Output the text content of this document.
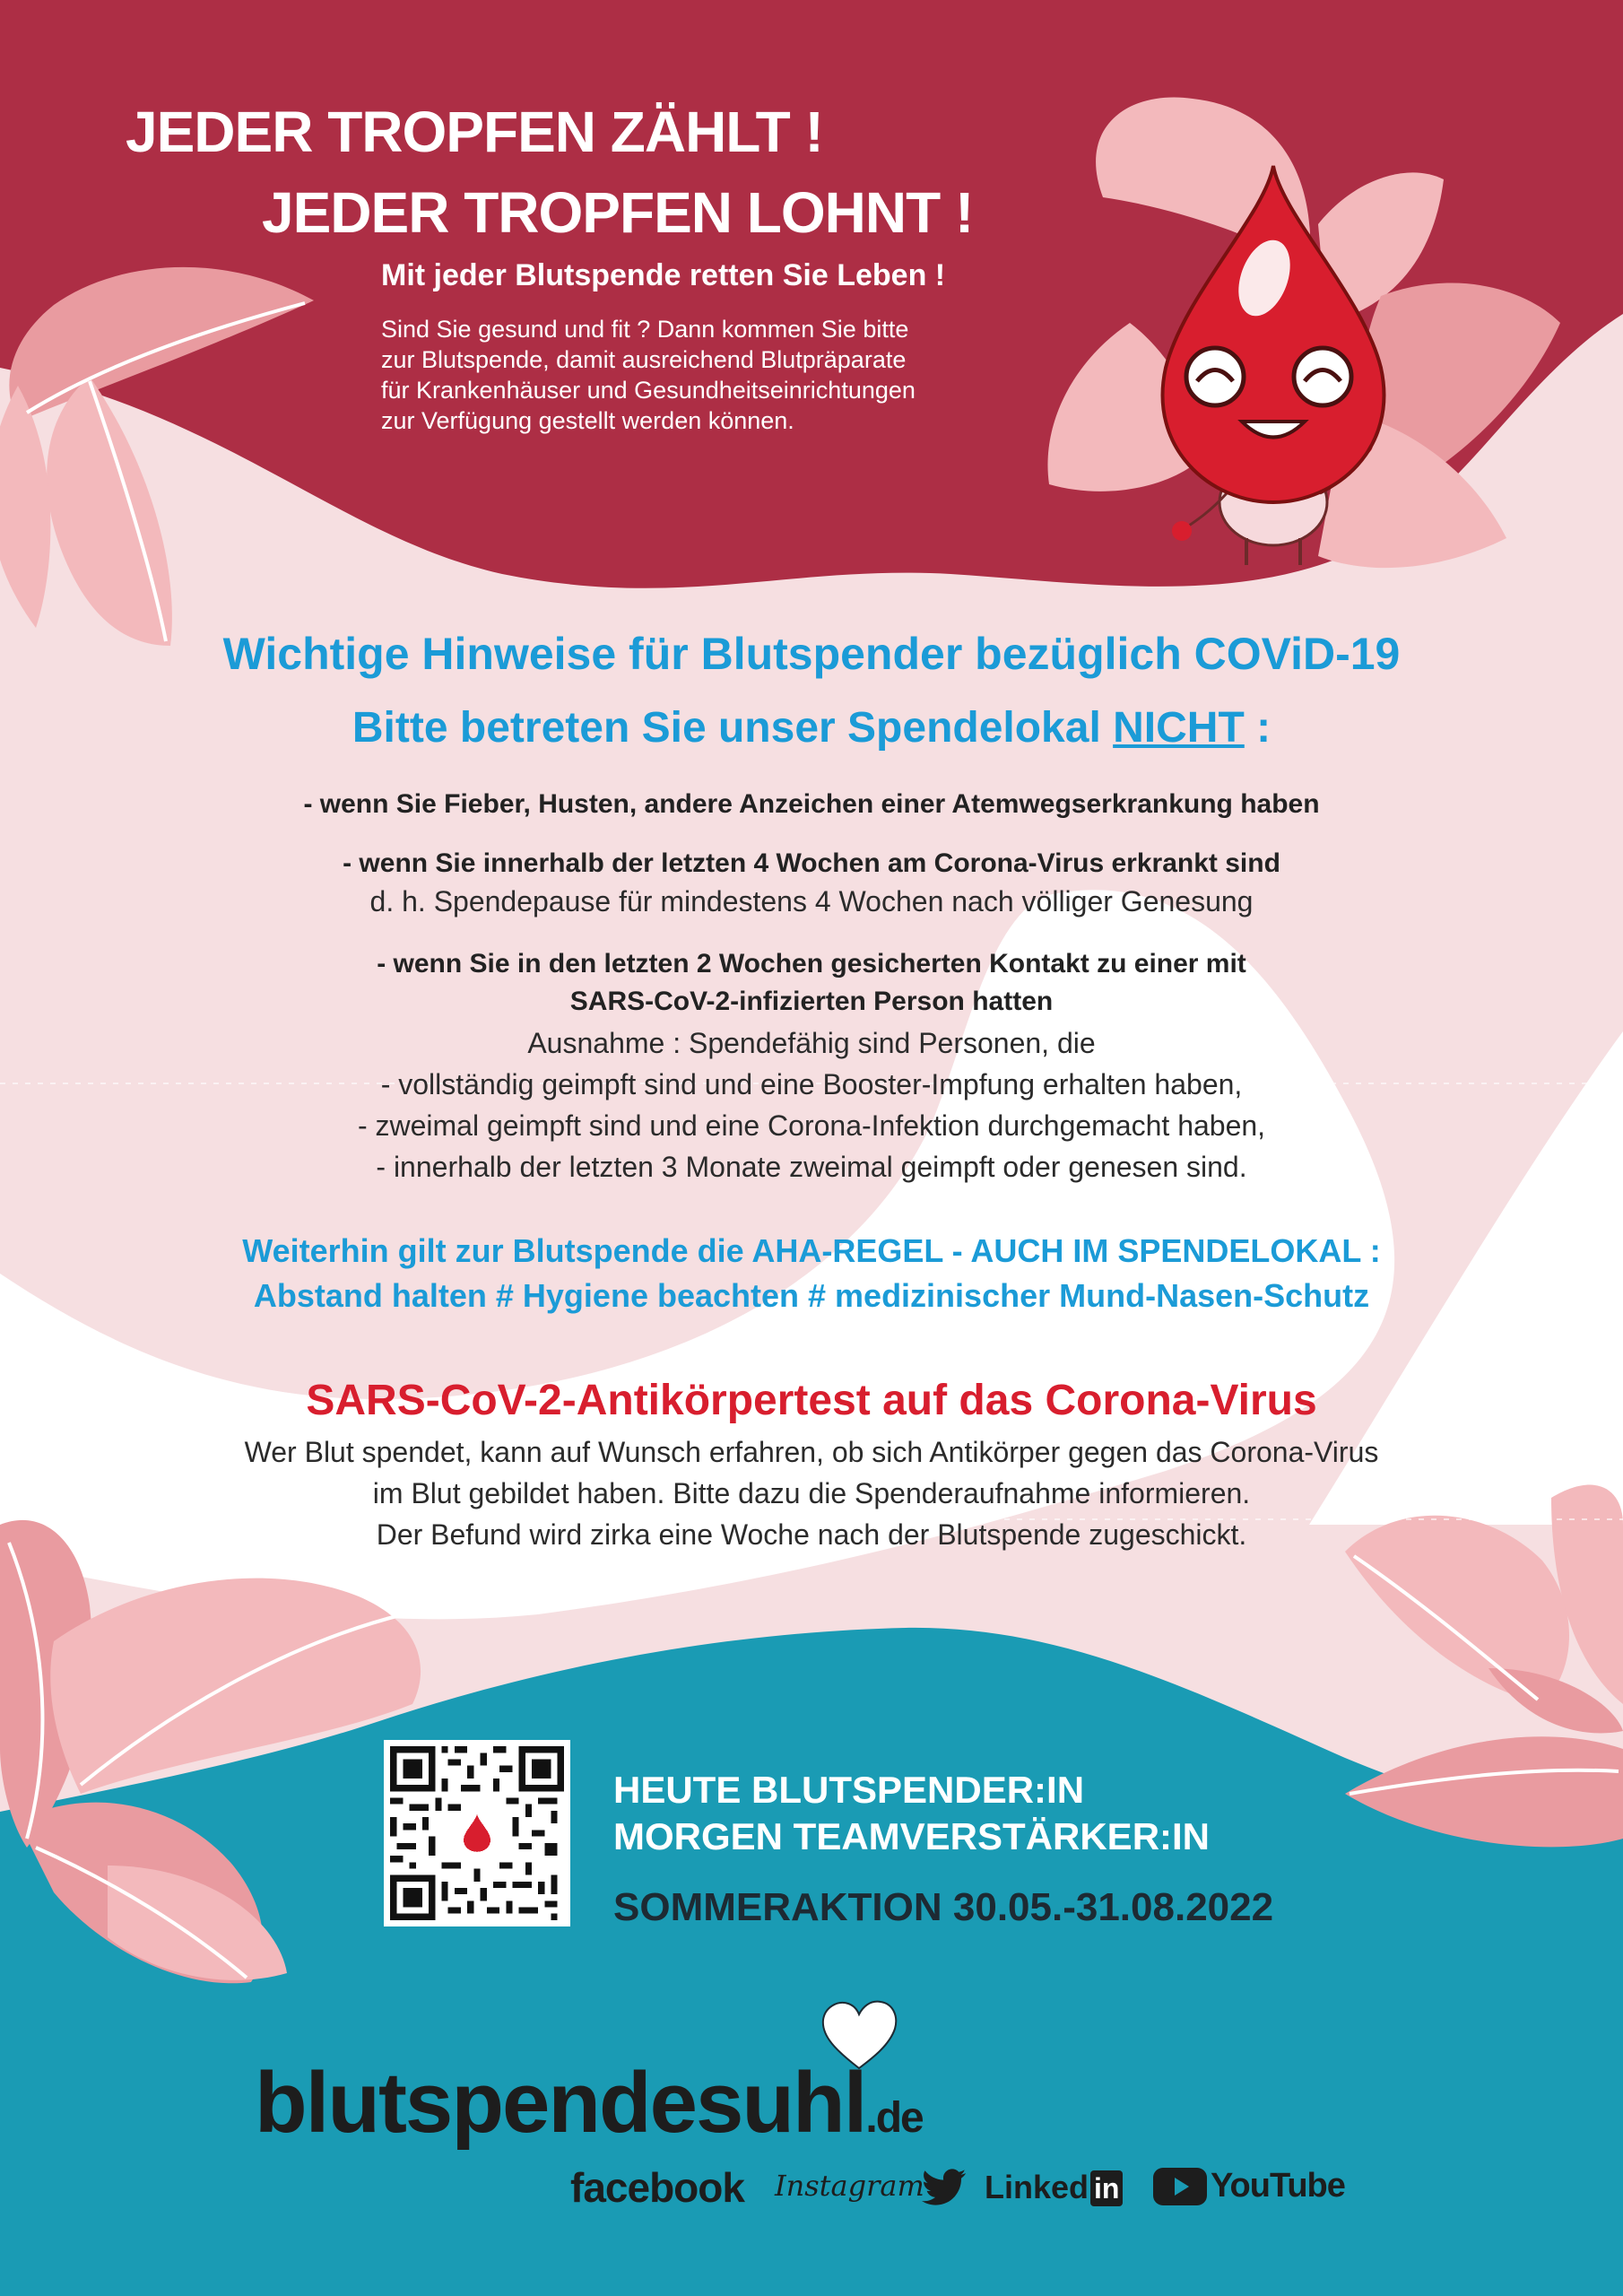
JEDER TROPFEN ZÄHLT !
JEDER TROPFEN LOHNT !
Mit jeder Blutspende retten Sie Leben !
Sind Sie gesund und fit ? Dann kommen Sie bitte
zur Blutspende, damit ausreichend Blutpräparate
für Krankenhäuser und Gesundheitseinrichtungen
zur Verfügung gestellt werden können.
Wichtige Hinweise für Blutspender bezüglich COViD-19
Bitte betreten Sie unser Spendelokal NICHT :
- wenn Sie Fieber, Husten, andere Anzeichen einer Atemwegserkrankung haben
- wenn Sie innerhalb der letzten 4 Wochen am Corona-Virus erkrankt sind
d. h. Spendepause für mindestens 4 Wochen nach völliger Genesung
- wenn Sie in den letzten 2 Wochen gesicherten Kontakt zu einer mit
SARS-CoV-2-infizierten Person hatten
Ausnahme : Spendefähig sind Personen, die
- vollständig geimpft sind und eine Booster-Impfung erhalten haben,
- zweimal geimpft sind und eine Corona-Infektion durchgemacht haben,
- innerhalb der letzten 3 Monate zweimal geimpft oder genesen sind.
Weiterhin gilt zur Blutspende die AHA-REGEL - AUCH IM SPENDELOKAL :
Abstand halten # Hygiene beachten # medizinischer Mund-Nasen-Schutz
SARS-CoV-2-Antikörpertest auf das Corona-Virus
Wer Blut spendet, kann auf Wunsch erfahren, ob sich Antikörper gegen das Corona-Virus
im Blut gebildet haben. Bitte dazu die Spenderaufnahme informieren.
Der Befund wird zirka eine Woche nach der Blutspende zugeschickt.
HEUTE BLUTSPENDER:IN
MORGEN TEAMVERSTÄRKER:IN
SOMMERAKTION 30.05.-31.08.2022
blutspendesuhl.de
facebook Instagram Linked in	YouTube
